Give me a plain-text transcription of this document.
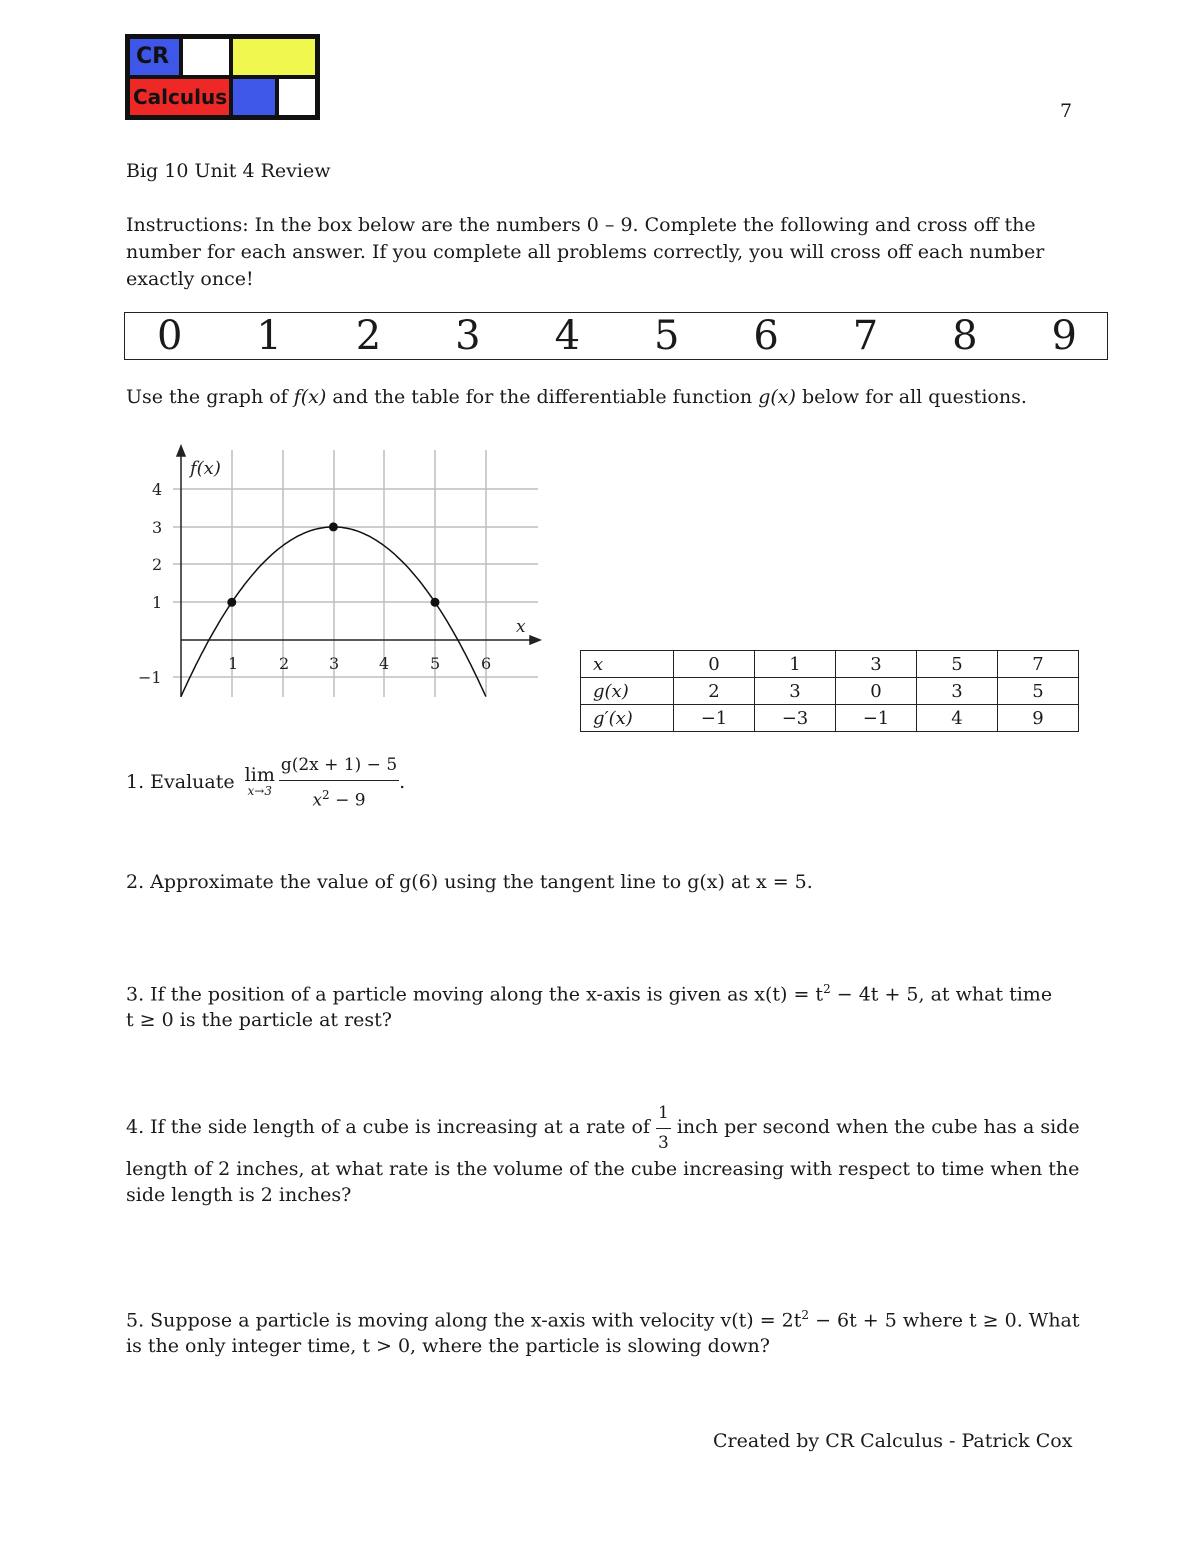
CR
Calculus
7
Big 10 Unit 4 Review
Instructions: In the box below are the numbers 0 – 9. Complete the following and cross off the number for each answer. If you complete all problems correctly, you will cross off each number exactly once!
0 1 2 3 4 5 6 7 8 9
Use the graph of f(x) and the table for the differentiable function g(x) below for all questions.
f(x)
x
1	2 3 4	5	6
4
3
2
1
−1
x	0	1	3	5	7
g(x)	2	3	0	3	5
g′(x)	−1	−3	−1	4	9
1. Evaluate lim
$x\to 3 \frac{g(2x + 1) - 5}{x^2 - 9}$ .
2. Approximate the value of g(6) using the tangent line to g(x) at x = 5.
3. If the position of a particle moving along the x-axis is given as $x(t) = t^2 - 4t + 5$, at what time
t ≥ 0 is the particle at rest?
4. If the side length of a cube is increasing at a rate of $\frac{1}{3}$ inch per second when the cube has a side
length of 2 inches, at what rate is the volume of the cube increasing with respect to time when the
side length is 2 inches?
5. Suppose a particle is moving along the x-axis with velocity $v(t) = 2t^2 - 6t + 5$ where t ≥ 0. What
is the only integer time, t > 0, where the particle is slowing down?
Created by CR Calculus - Patrick Cox
